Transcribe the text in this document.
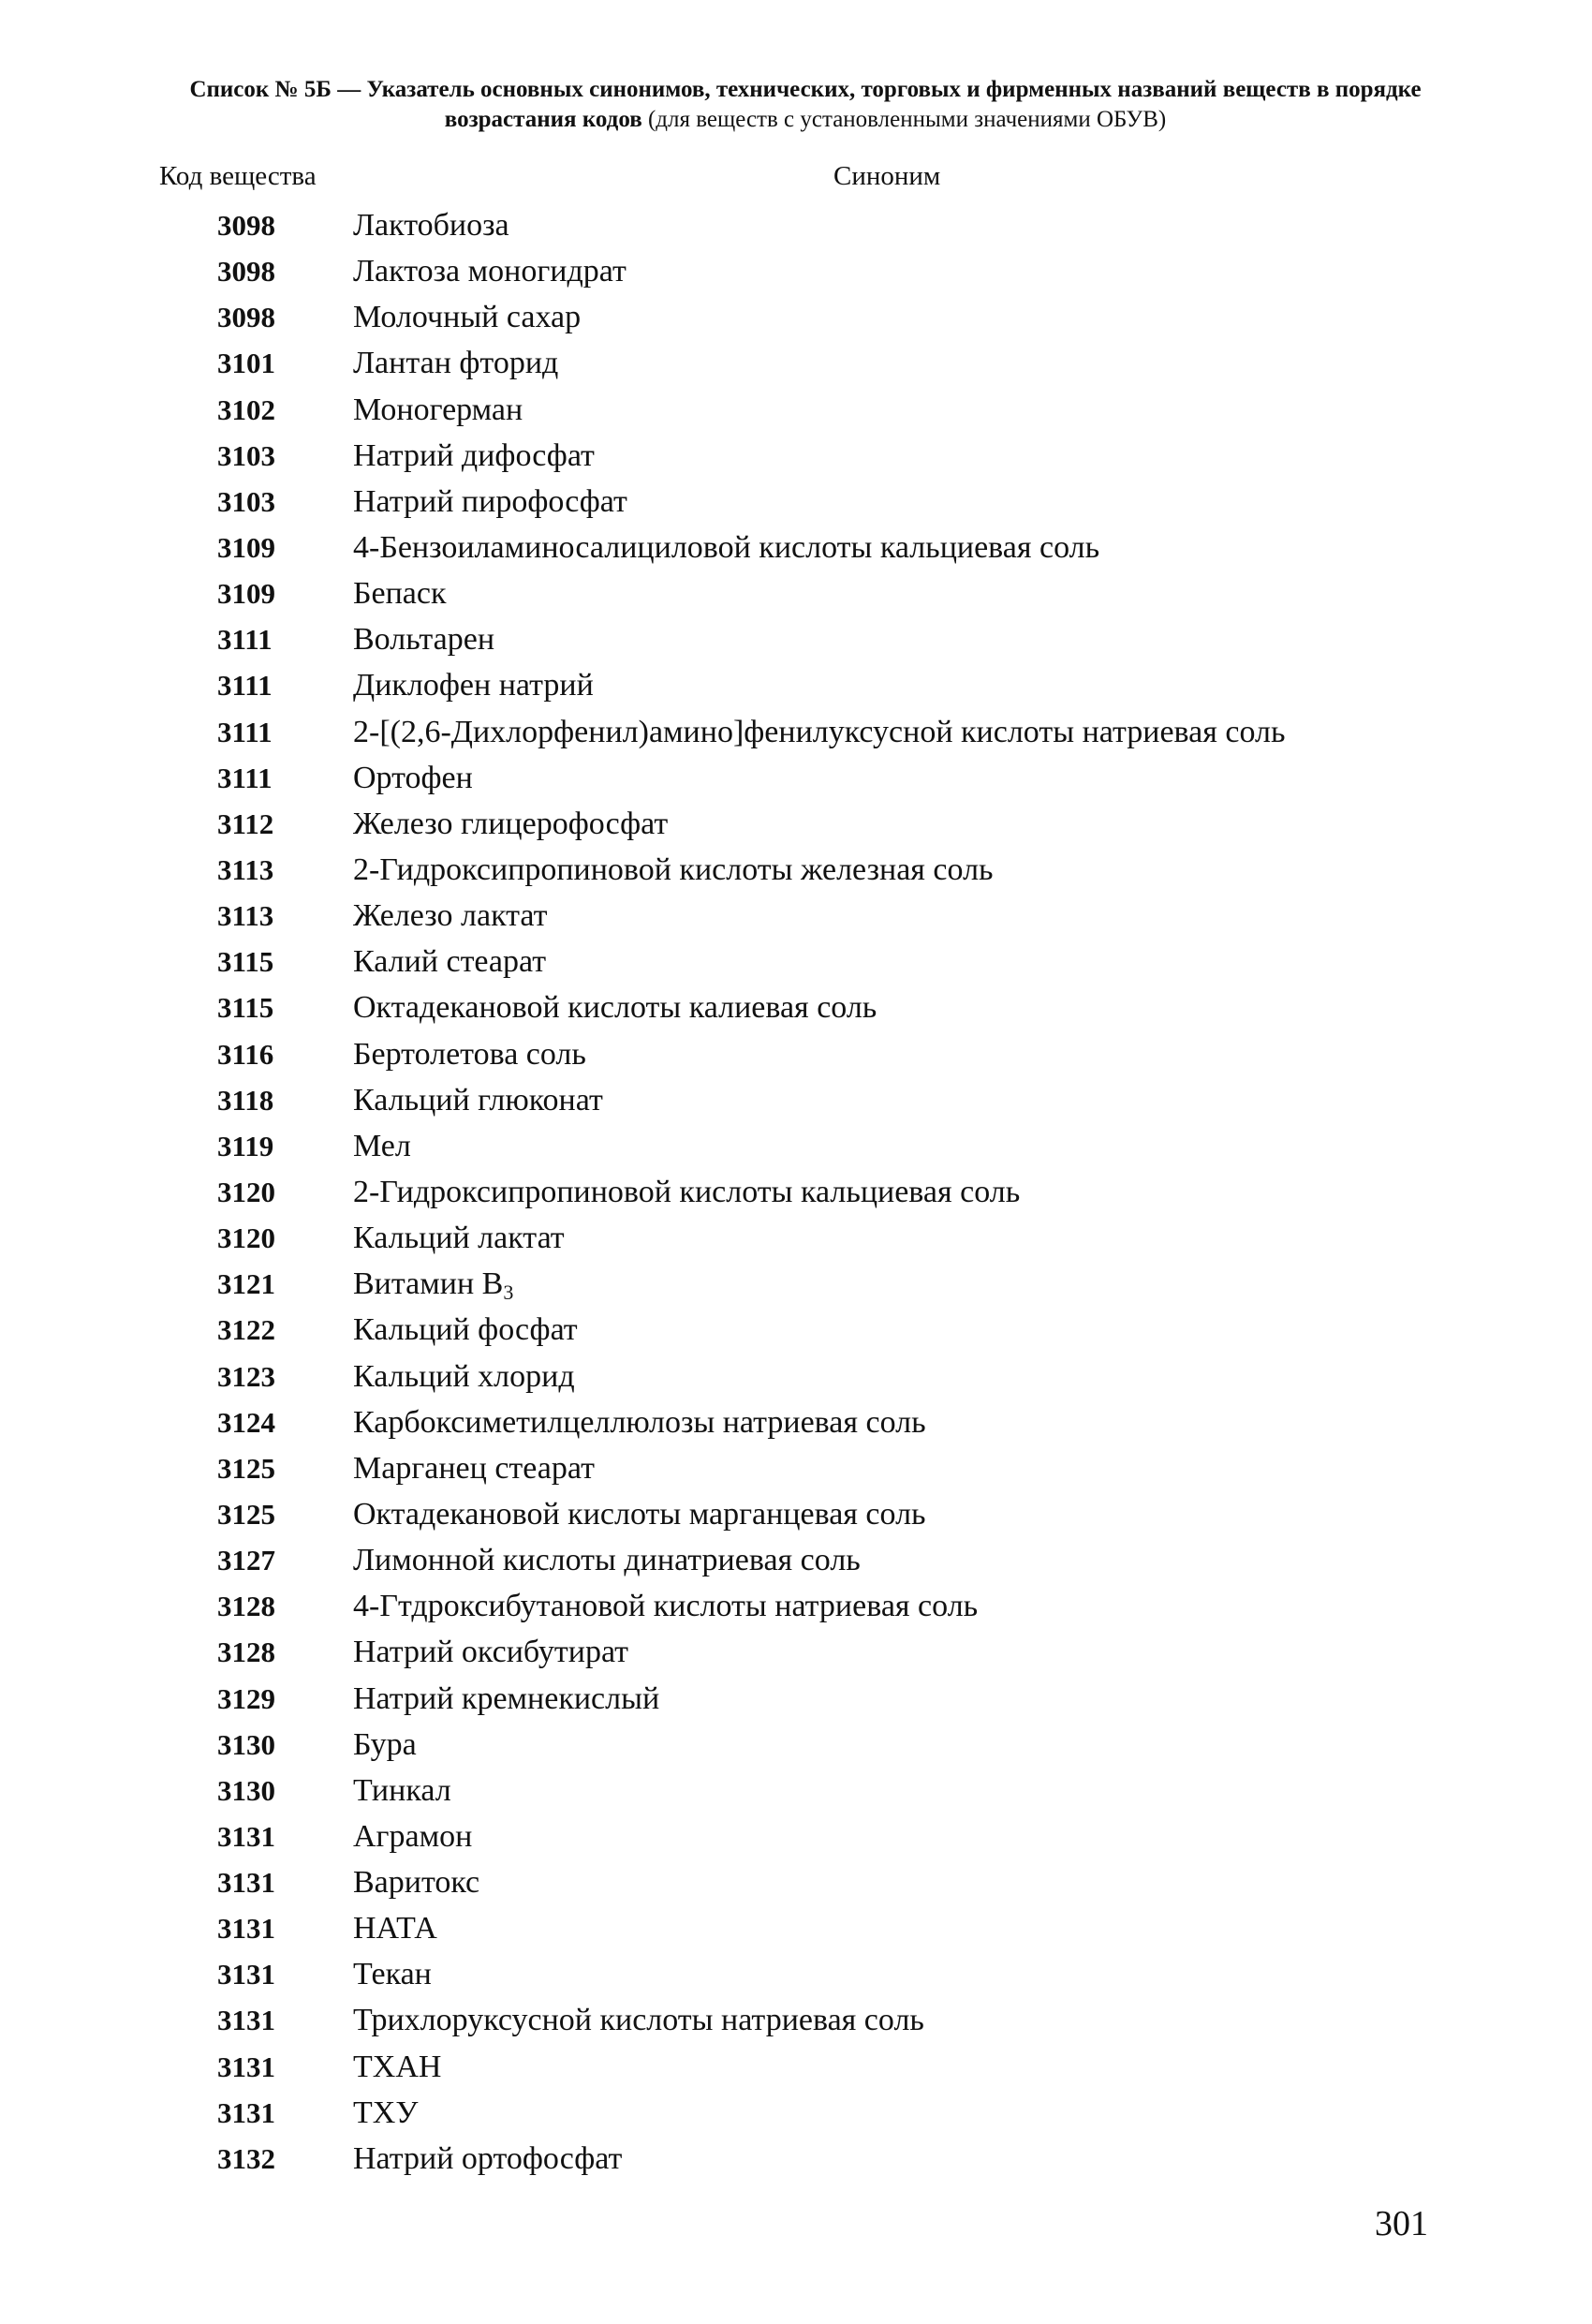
Список № 5Б — Указатель основных синонимов, технических, торговых и фирменных названий веществ в порядке возрастания кодов (для веществ с установленными значениями ОБУВ)
Код вещества	Синоним
3098 Лактобиоза
3098 Лактоза моногидрат
3098 Молочный сахар
3101 Лантан фторид
3102 Моногерман
3103 Натрий дифосфат
3103 Натрий пирофосфат
3109 4-Бензоиламиносалициловой кислоты кальциевая соль
3109 Бепаск
3111	Вольтарен
3111	Диклофен натрий
3111	2-[(2,6-Дихлорфенил)амино]фенилуксусной кислоты натриевая соль
3111	Ортофен
3112 Железо глицерофосфат
3113 2-Гидроксипропиновой кислоты железная соль
3113 Железо лактат
3115 Калий стеарат
3115 Октадекановой кислоты калиевая соль
3116 Бертолетова соль
3118 Кальций глюконат
3119 Мел
3120 2-Гидроксипропиновой кислоты кальциевая соль
3120 Кальций лактат
3121 Витамин $В_3$
3122 Кальций фосфат
3123 Кальций хлорид
3124 Карбоксиметилцеллюлозы натриевая соль
3125 Марганец стеарат
3125 Октадекановой кислоты марганцевая соль
3127 Лимонной кислоты динатриевая соль
3128 4-Гтдроксибутановой кислоты натриевая соль
3128 Натрий оксибутират
3129 Натрий кремнекислый
3130 Бура
3130 Тинкал
3131 Аграмон
3131 Варитокс
3131 НАТА
3131 Текан
3131 Трихлоруксусной кислоты натриевая соль
3131 ТХАН
3131 ТХУ
3132 Натрий ортофосфат
301
